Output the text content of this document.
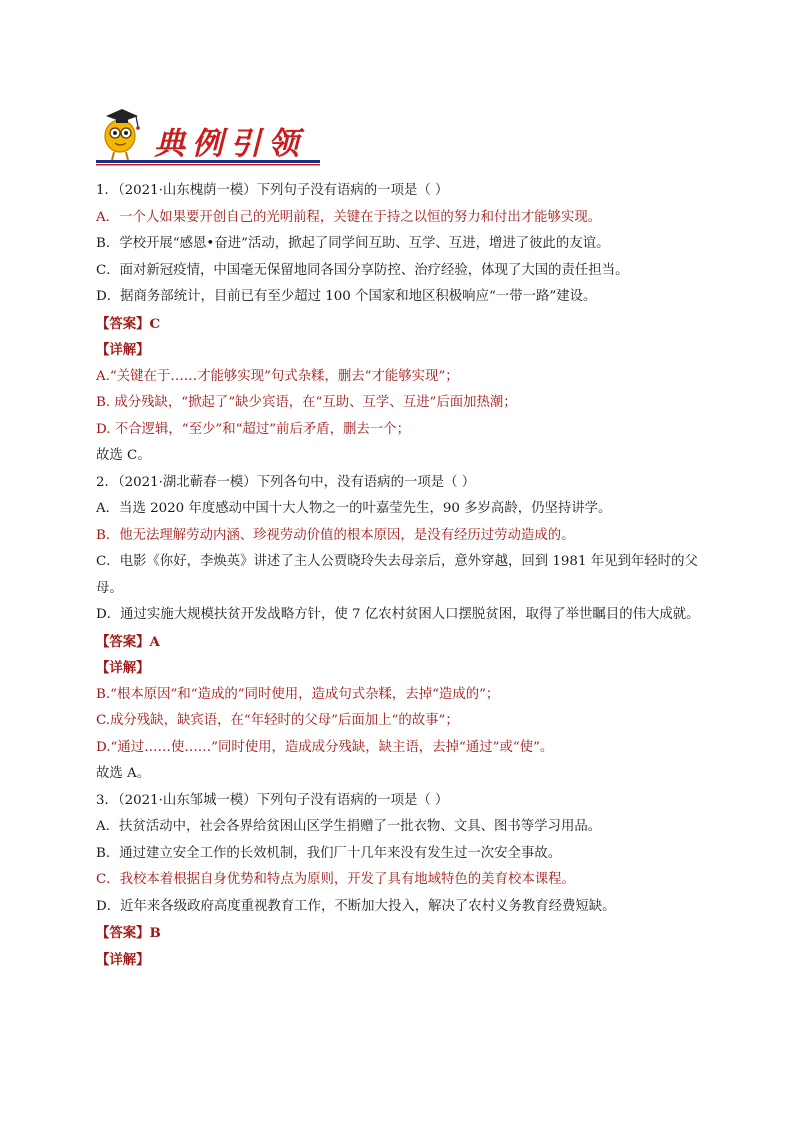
典例引领

1．（2021·山东槐荫一模）下列句子没有语病的一项是（ ）

A．一个人如果要开创自己的光明前程，关键在于持之以恒的努力和付出才能够实现。

B．学校开展“感恩•奋进”活动，掀起了同学间互助、互学、互进，增进了彼此的友谊。

C．面对新冠疫情，中国毫无保留地同各国分享防控、治疗经验，体现了大国的责任担当。

D．据商务部统计，目前已有至少超过 100 个国家和地区积极响应“一带一路”建设。

【答案】C

【详解】

A.“关键在于……才能够实现”句式杂糅，删去“才能够实现”；

B. 成分残缺，“掀起了”缺少宾语，在“互助、互学、互进”后面加热潮；

D. 不合逻辑，“至少”和“超过”前后矛盾，删去一个；

故选 C。

2．（2021·湖北蕲春一模）下列各句中，没有语病的一项是（ ）

A．当选 2020 年度感动中国十大人物之一的叶嘉莹先生，90 多岁高龄，仍坚持讲学。

B．他无法理解劳动内涵、珍视劳动价值的根本原因，是没有经历过劳动造成的。

C．电影《你好，李焕英》讲述了主人公贾晓玲失去母亲后，意外穿越，回到 1981 年见到年轻时的父母。

D．通过实施大规模扶贫开发战略方针，使 7 亿农村贫困人口摆脱贫困，取得了举世瞩目的伟大成就。

【答案】A

【详解】

B.“根本原因”和“造成的”同时使用，造成句式杂糅，去掉“造成的”；

C.成分残缺，缺宾语，在“年轻时的父母”后面加上“的故事”；

D.“通过……使……”同时使用，造成成分残缺，缺主语，去掉“通过”或“使”。

故选 A。

3．（2021·山东邹城一模）下列句子没有语病的一项是（ ）

A．扶贫活动中，社会各界给贫困山区学生捐赠了一批衣物、文具、图书等学习用品。

B．通过建立安全工作的长效机制，我们厂十几年来没有发生过一次安全事故。

C．我校本着根据自身优势和特点为原则，开发了具有地域特色的美育校本课程。

D．近年来各级政府高度重视教育工作，不断加大投入，解决了农村义务教育经费短缺。

【答案】B

【详解】
